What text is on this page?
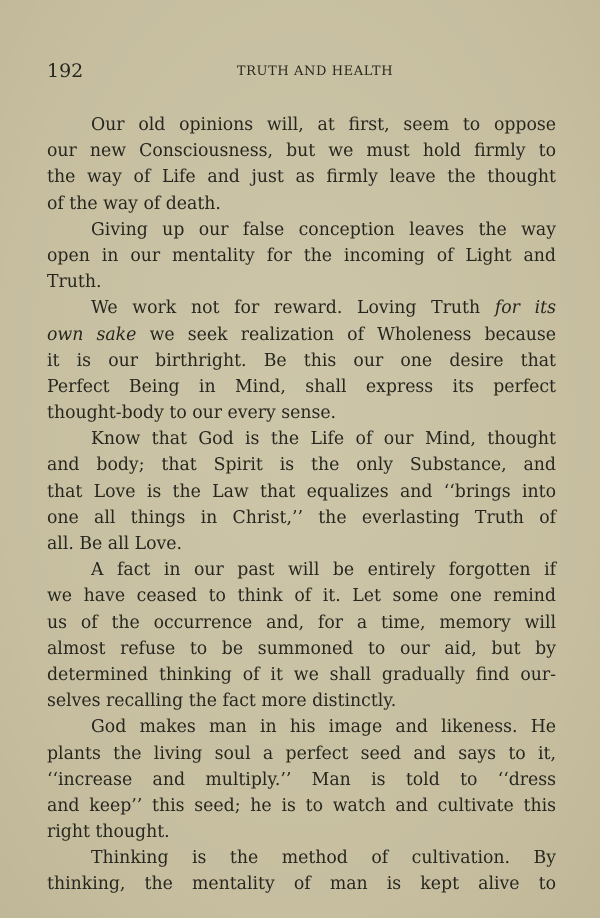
192	TRUTH AND HEALTH
Our old opinions will, at first, seem to oppose
our new Consciousness, but we must hold firmly to
the way of Life and just as firmly leave the thought
of the way of death.
Giving up our false conception leaves the way
open in our mentality for the incoming of Light and
Truth.
We work not for reward. Loving Truth for its
own sake we seek realization of Wholeness because
it is our birthright. Be this our one desire that
Perfect Being in Mind, shall express its perfect
thought-body to our every sense.
Know that God is the Life of our Mind, thought
and body; that Spirit is the only Substance, and
that Love is the Law that equalizes and ‘‘brings into
one all things in Christ,’’ the everlasting Truth of
all. Be all Love.
A fact in our past will be entirely forgotten if
we have ceased to think of it. Let some one remind
us of the occurrence and, for a time, memory will
almost refuse to be summoned to our aid, but by
determined thinking of it we shall gradually find our-
selves recalling the fact more distinctly.
God makes man in his image and likeness. He
plants the living soul a perfect seed and says to it,
‘‘increase and multiply.’’ Man is told to ‘‘dress
and keep’’ this seed; he is to watch and cultivate this
right thought.
Thinking is the method of cultivation. By
thinking, the mentality of man is kept alive to
